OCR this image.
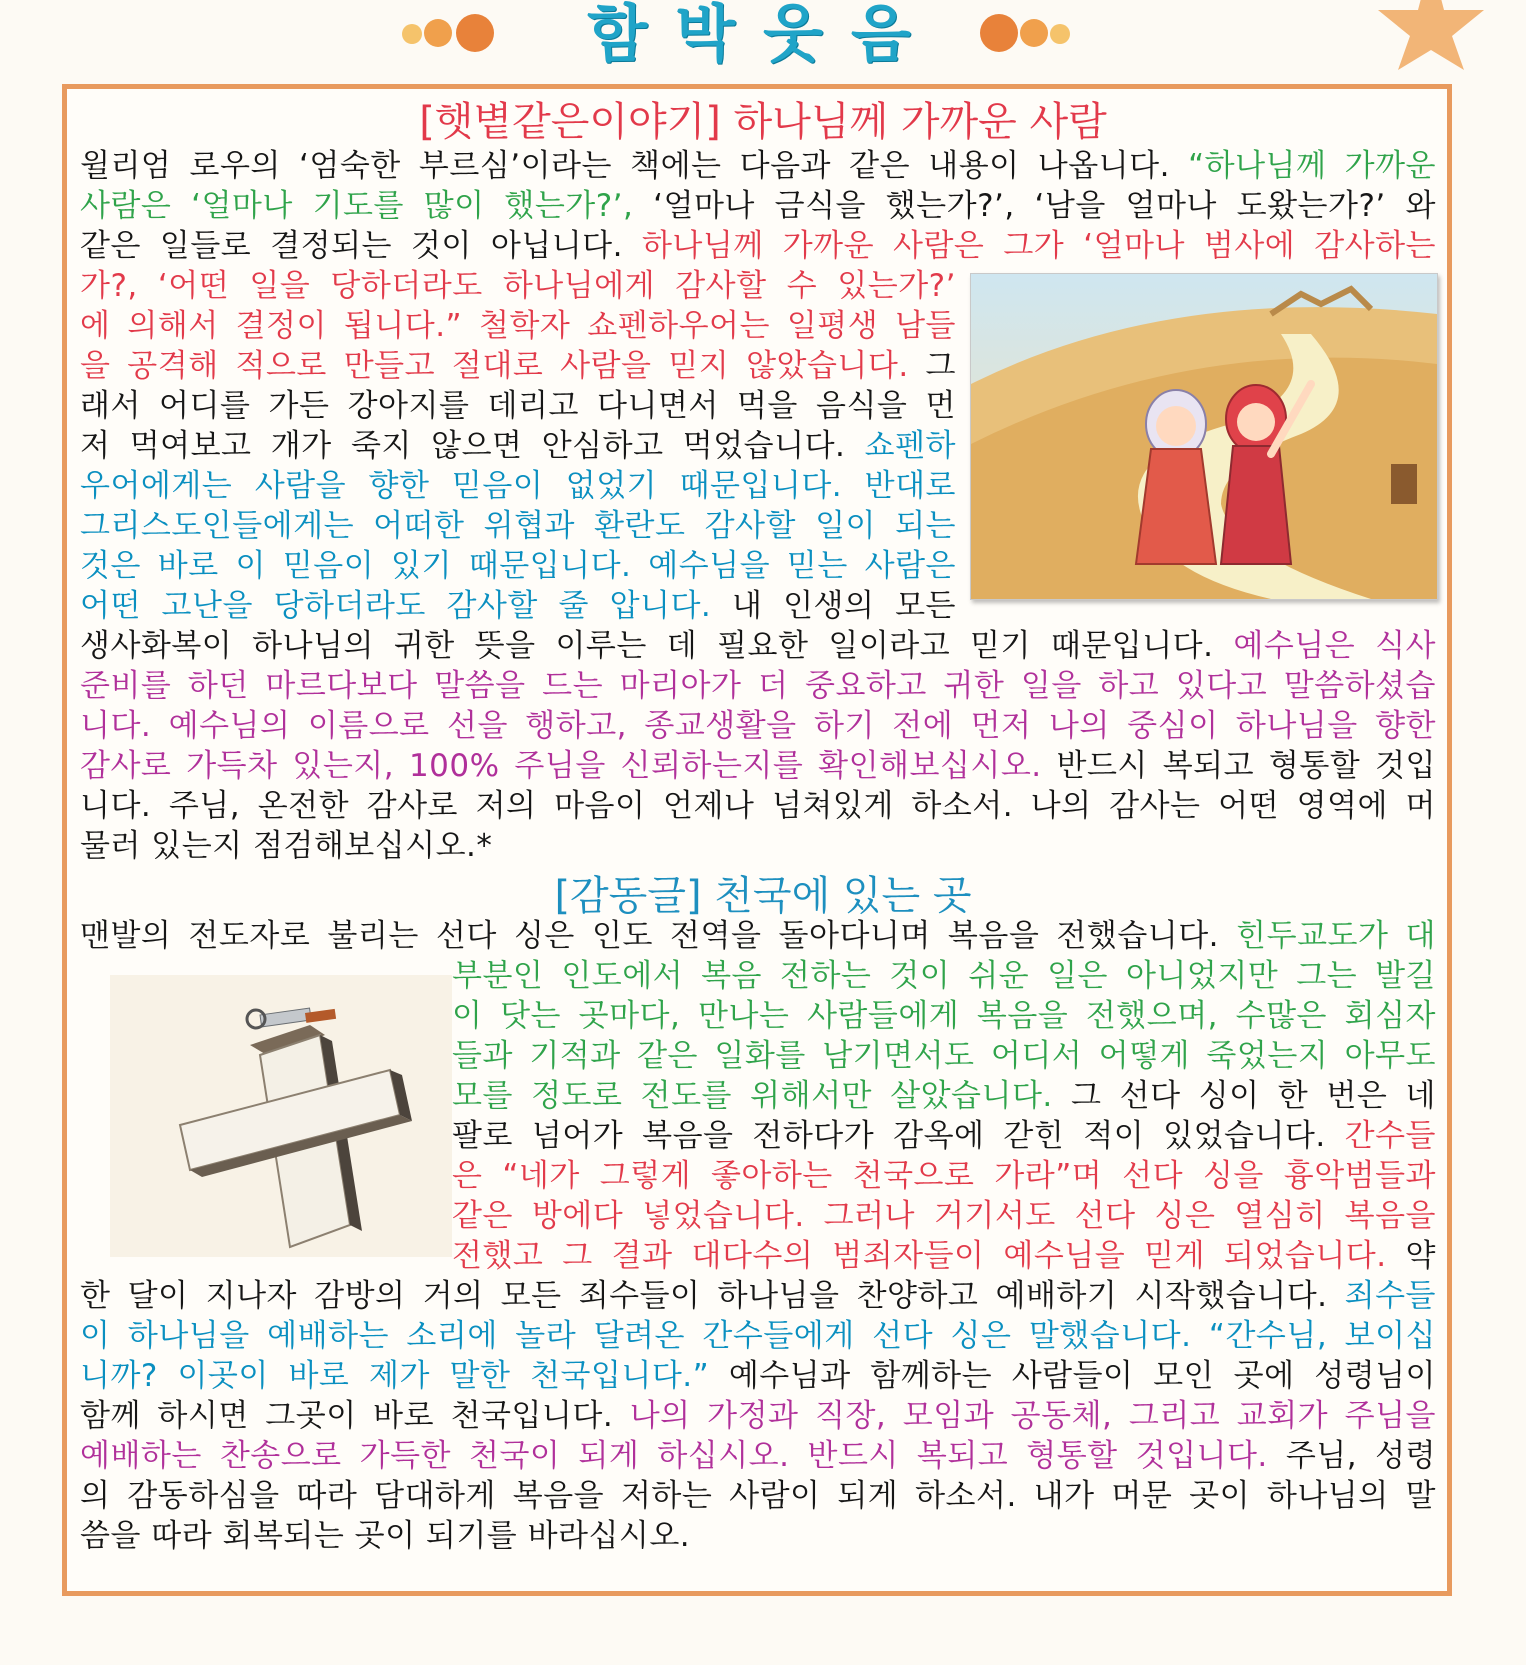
함박웃음
[햇볕같은이야기] 하나님께 가까운 사람
윌리엄 로우의 ‘엄숙한 부르심’이라는 책에는 다음과 같은 내용이 나옵니다. “하나님께 가까운
사람은 ‘얼마나 기도를 많이 했는가?’, ‘얼마나 금식을 했는가?’, ‘남을 얼마나 도왔는가?’ 와
같은 일들로 결정되는 것이 아닙니다. 하나님께 가까운 사람은 그가 ‘얼마나 범사에 감사하는
가?, ‘어떤 일을 당하더라도 하나님에게 감사할 수 있는가?’
에 의해서 결정이 됩니다.” 철학자 쇼펜하우어는 일평생 남들
을 공격해 적으로 만들고 절대로 사람을 믿지 않았습니다. 그
래서 어디를 가든 강아지를 데리고 다니면서 먹을 음식을 먼
저 먹여보고 개가 죽지 않으면 안심하고 먹었습니다. 쇼펜하
우어에게는 사람을 향한 믿음이 없었기 때문입니다. 반대로
그리스도인들에게는 어떠한 위협과 환란도 감사할 일이 되는
것은 바로 이 믿음이 있기 때문입니다. 예수님을 믿는 사람은
어떤 고난을 당하더라도 감사할 줄 압니다. 내 인생의 모든
생사화복이 하나님의 귀한 뜻을 이루는 데 필요한 일이라고 믿기 때문입니다. 예수님은 식사
준비를 하던 마르다보다 말씀을 드는 마리아가 더 중요하고 귀한 일을 하고 있다고 말씀하셨습
니다. 예수님의 이름으로 선을 행하고, 종교생활을 하기 전에 먼저 나의 중심이 하나님을 향한
감사로 가득차 있는지, 100% 주님을 신뢰하는지를 확인해보십시오. 반드시 복되고 형통할 것입
니다. 주님, 온전한 감사로 저의 마음이 언제나 넘쳐있게 하소서. 나의 감사는 어떤 영역에 머
물러 있는지 점검해보십시오.*
[감동글] 천국에 있는 곳
맨발의 전도자로 불리는 선다 싱은 인도 전역을 돌아다니며 복음을 전했습니다. 힌두교도가 대
부분인 인도에서 복음 전하는 것이 쉬운 일은 아니었지만 그는 발길
이 닷는 곳마다, 만나는 사람들에게 복음을 전했으며, 수많은 회심자
들과 기적과 같은 일화를 남기면서도 어디서 어떻게 죽었는지 아무도
모를 정도로 전도를 위해서만 살았습니다. 그 선다 싱이 한 번은 네
팔로 넘어가 복음을 전하다가 감옥에 갇힌 적이 있었습니다. 간수들
은 “네가 그렇게 좋아하는 천국으로 가라”며 선다 싱을 흉악범들과
같은 방에다 넣었습니다. 그러나 거기서도 선다 싱은 열심히 복음을
전했고 그 결과 대다수의 범죄자들이 예수님을 믿게 되었습니다. 약
한 달이 지나자 감방의 거의 모든 죄수들이 하나님을 찬양하고 예배하기 시작했습니다. 죄수들
이 하나님을 예배하는 소리에 놀라 달려온 간수들에게 선다 싱은 말했습니다. “간수님, 보이십
니까? 이곳이 바로 제가 말한 천국입니다.” 예수님과 함께하는 사람들이 모인 곳에 성령님이
함께 하시면 그곳이 바로 천국입니다. 나의 가정과 직장, 모임과 공동체, 그리고 교회가 주님을
예배하는 찬송으로 가득한 천국이 되게 하십시오. 반드시 복되고 형통할 것입니다. 주님, 성령
의 감동하심을 따라 담대하게 복음을 저하는 사람이 되게 하소서. 내가 머문 곳이 하나님의 말
씀을 따라 회복되는 곳이 되기를 바라십시오.
